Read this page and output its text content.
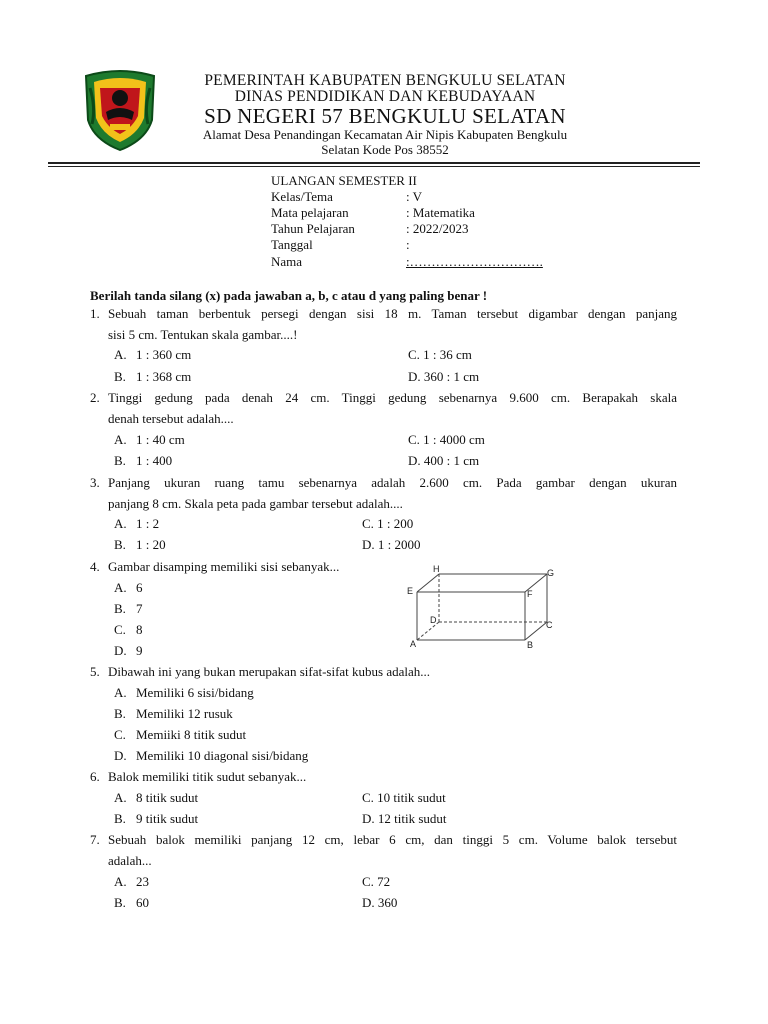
PEMERINTAH KABUPATEN BENGKULU SELATAN
DINAS PENDIDIKAN DAN KEBUDAYAAN
SD NEGERI 57 BENGKULU SELATAN
Alamat Desa Penandingan Kecamatan Air Nipis Kabupaten Bengkulu
Selatan Kode Pos 38552
ULANGAN SEMESTER II
Kelas/Tema	: V
Mata pelajaran	: Matematika
Tahun Pelajaran	: 2022/2023
Tanggal	:
Nama	:………………………….
Berilah tanda silang (x) pada jawaban a, b, c atau d yang paling benar !
1. Sebuah taman berbentuk persegi dengan sisi 18 m. Taman tersebut digambar dengan panjang
sisi 5 cm. Tentukan skala gambar....!
A. 1 : 360 cm	C. 1 : 36 cm
B. 1 : 368 cm	D. 360 : 1 cm
2. Tinggi gedung pada denah 24 cm. Tinggi gedung sebenarnya 9.600 cm. Berapakah skala
denah tersebut adalah....
A. 1 : 40 cm	C. 1 : 4000 cm
B. 1 : 400	D. 400 : 1 cm
3. Panjang ukuran ruang tamu sebenarnya adalah 2.600 cm. Pada gambar dengan ukuran
panjang 8 cm. Skala peta pada gambar tersebut adalah....
A. 1 : 2	C. 1 : 200
B. 1 : 20	D. 1 : 2000
4. Gambar disamping memiliki sisi sebanyak...
A. 6
B. 7
C. 8
D. 9
H	G
E	F
D	C
A	B
5. Dibawah ini yang bukan merupakan sifat-sifat kubus adalah...
A. Memiliki 6 sisi/bidang
B. Memiliki 12 rusuk
C. Memiiki 8 titik sudut
D. Memiliki 10 diagonal sisi/bidang
6. Balok memiliki titik sudut sebanyak...
A. 8 titik sudut	C. 10 titik sudut
B. 9 titik sudut	D. 12 titik sudut
7. Sebuah balok memiliki panjang 12 cm, lebar 6 cm, dan tinggi 5 cm. Volume balok tersebut
adalah...
A. 23	C. 72
B. 60	D. 360
